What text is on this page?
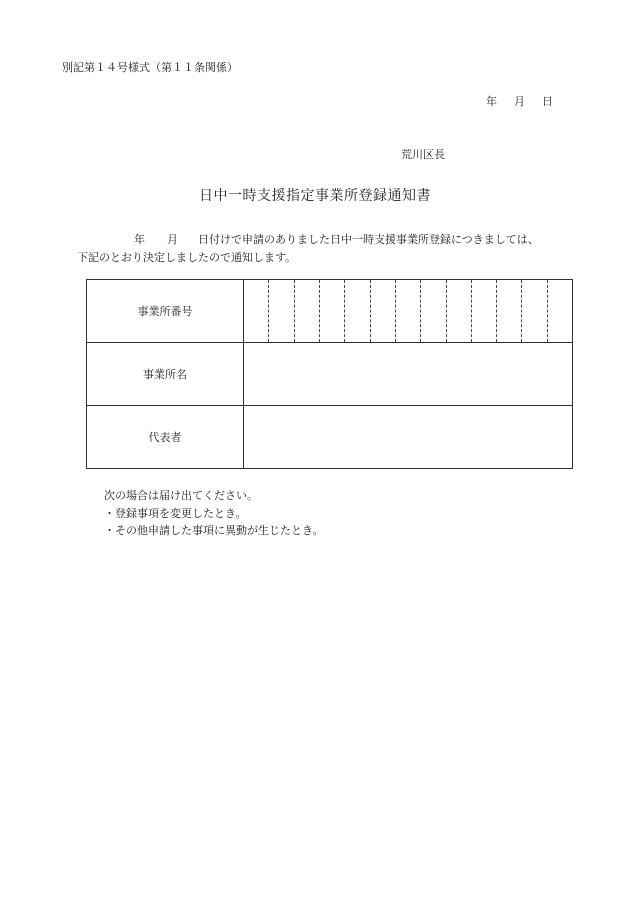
別記第１４号様式（第１１条関係）
年 月 日
荒川区長
日中一時支援指定事業所登録通知書
年 月 日付けで申請のありました日中一時支援事業所登録につきましては、
下記のとおり決定しましたので通知します。
事業所番号	

事業所名	
代表者	
次の場合は届け出てください。
・登録事項を変更したとき。
・その他申請した事項に異動が生じたとき。
